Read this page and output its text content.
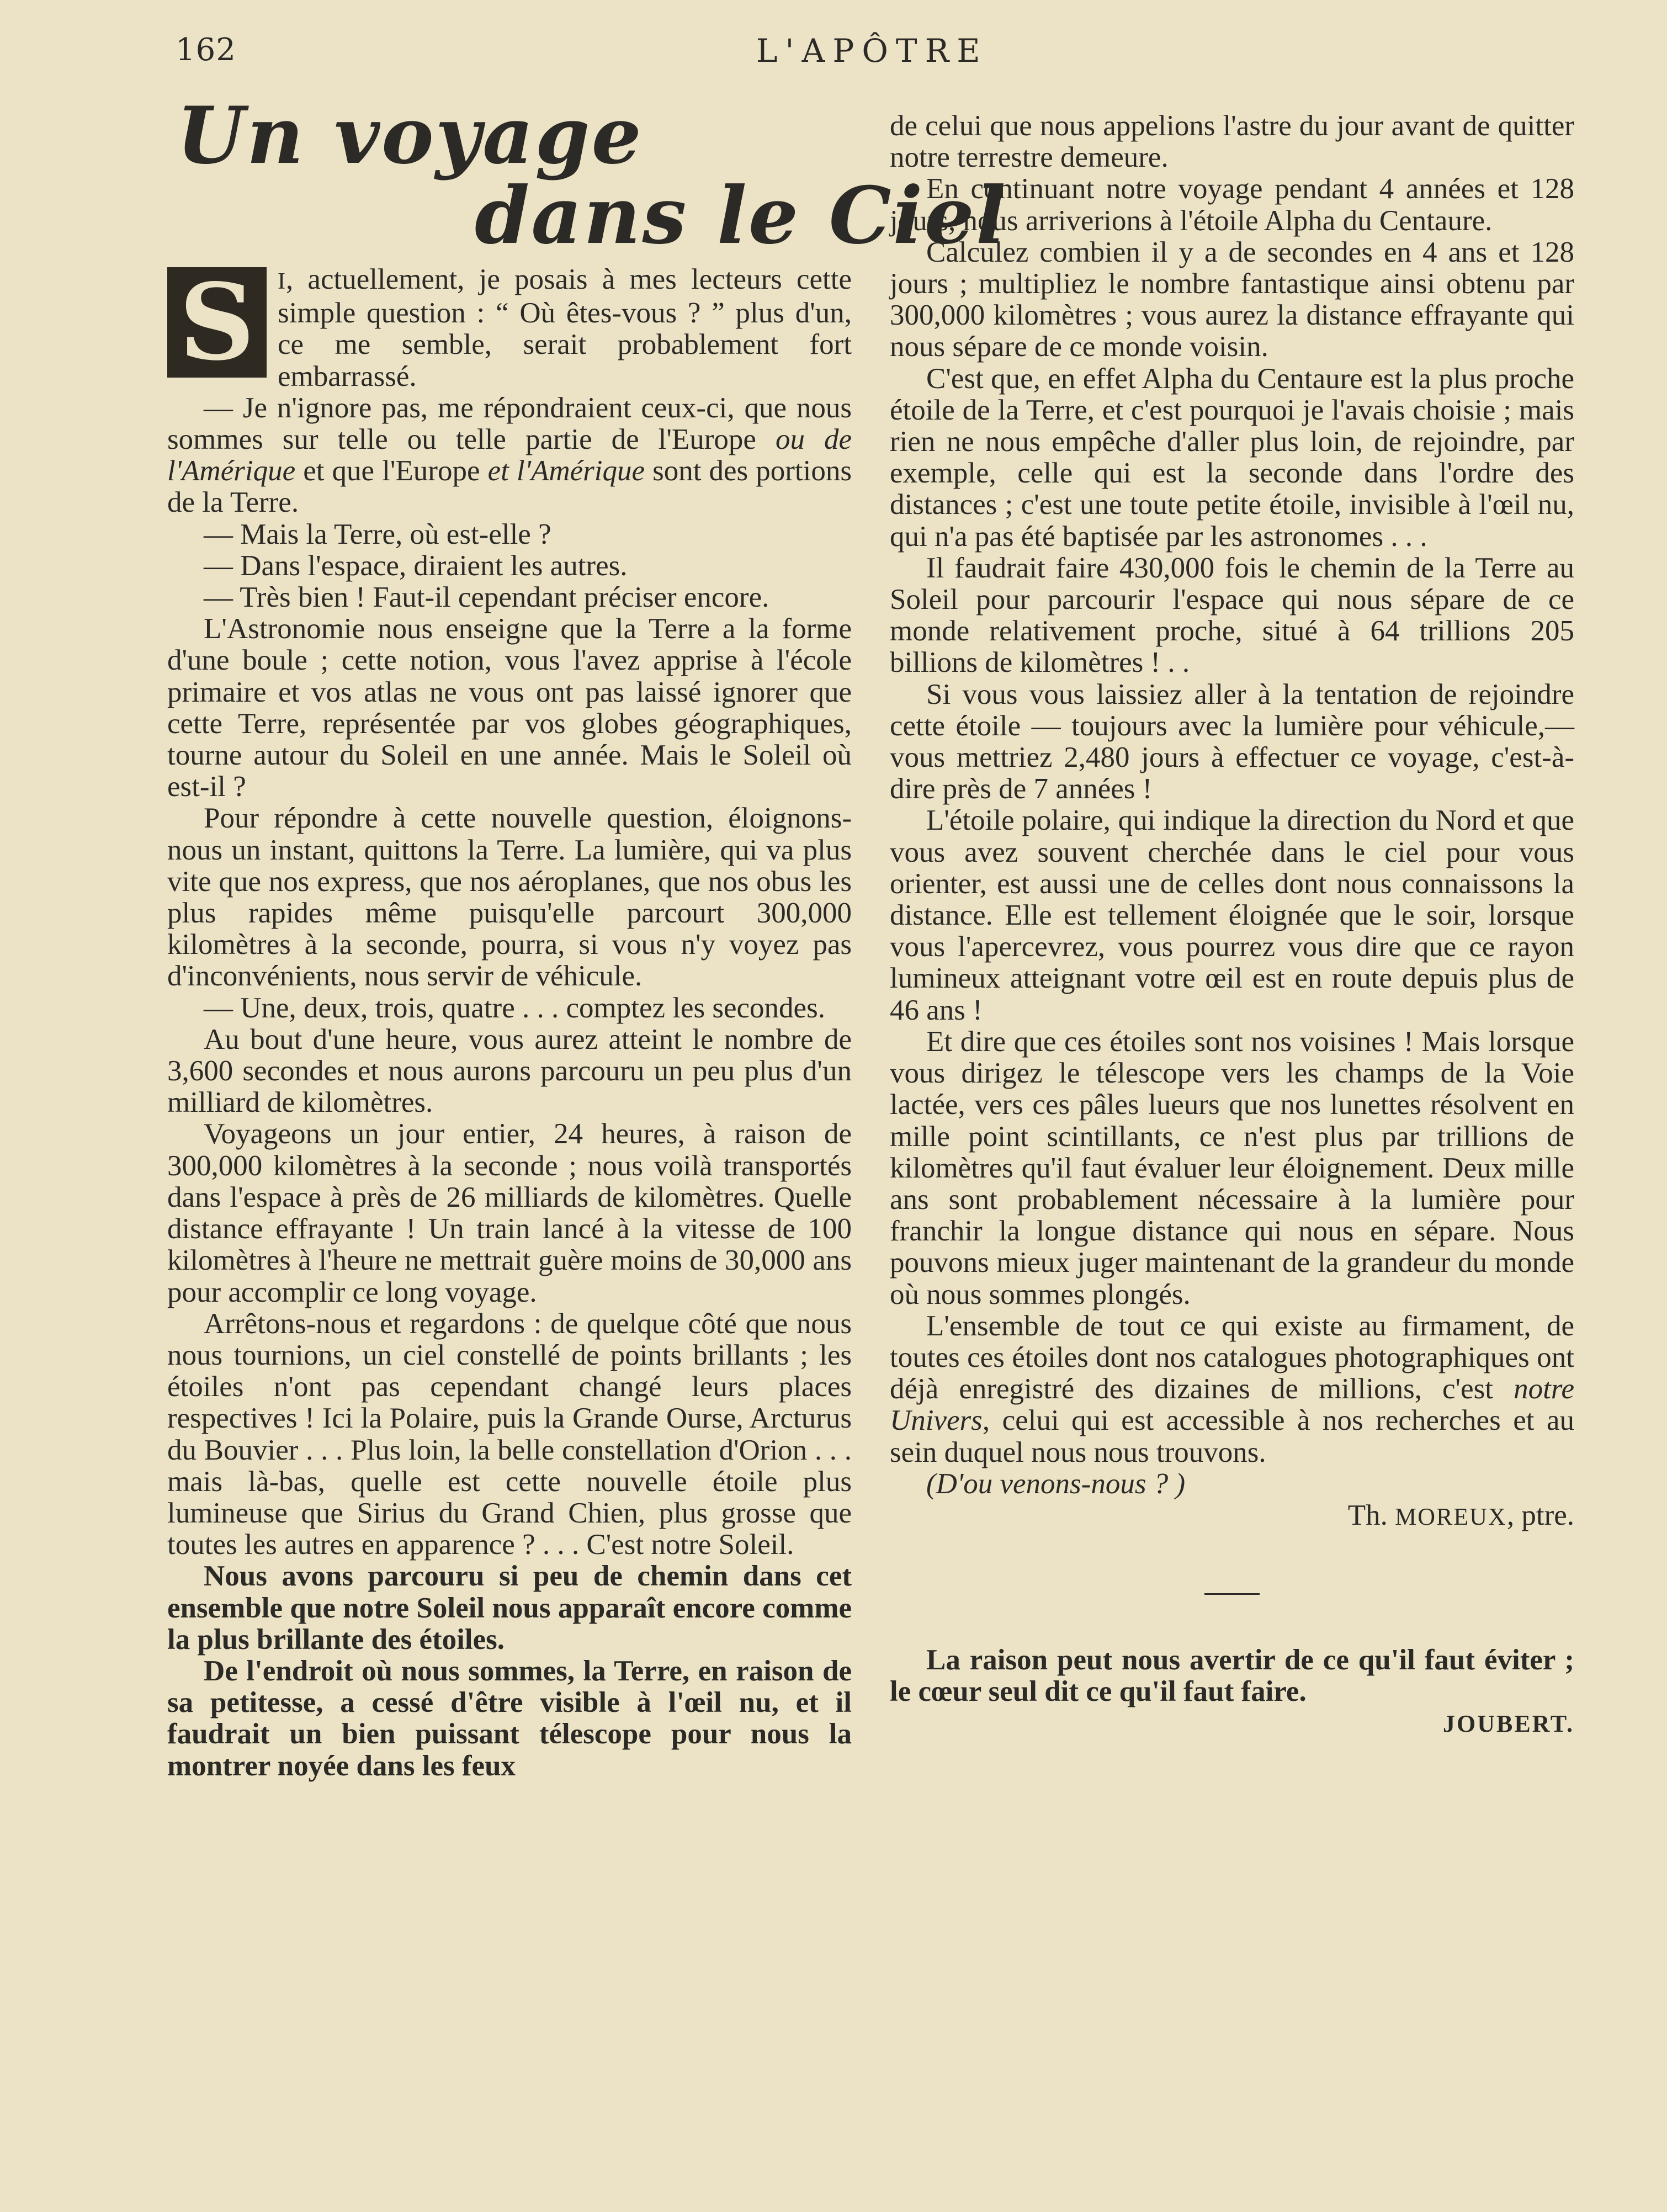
162	L'APÔTRE
Un voyage
dans le Ciel

S I, actuellement, je posais à mes lecteurs cette simple question : “ Où êtes-vous ? ” plus d'un, ce me semble, serait probablement fort embarrassé.

— Je n'ignore pas, me répondraient ceux-ci, que nous sommes sur telle ou telle partie de l'Europe ou de l'Amérique et que l'Europe et l'Amérique sont des portions de la Terre.

— Mais la Terre, où est-elle ?

— Dans l'espace, diraient les autres.

— Très bien ! Faut-il cependant préciser encore.

L'Astronomie nous enseigne que la Terre a la forme d'une boule ; cette notion, vous l'avez apprise à l'école primaire et vos atlas ne vous ont pas laissé ignorer que cette Terre, représentée par vos globes géographiques, tourne autour du Soleil en une année. Mais le Soleil où est-il ?

Pour répondre à cette nouvelle question, éloignons-nous un instant, quittons la Terre. La lumière, qui va plus vite que nos express, que nos aéroplanes, que nos obus les plus rapides même puisqu'elle parcourt 300,000 kilomètres à la seconde, pourra, si vous n'y voyez pas d'inconvénients, nous servir de véhicule.

— Une, deux, trois, quatre . . . comptez les secondes.

Au bout d'une heure, vous aurez atteint le nombre de 3,600 secondes et nous aurons parcouru un peu plus d'un milliard de kilomètres.

Voyageons un jour entier, 24 heures, à raison de 300,000 kilomètres à la seconde ; nous voilà transportés dans l'espace à près de 26 milliards de kilomètres. Quelle distance effrayante ! Un train lancé à la vitesse de 100 kilomètres à l'heure ne mettrait guère moins de 30,000 ans pour accomplir ce long voyage.

Arrêtons-nous et regardons : de quelque côté que nous nous tournions, un ciel constellé de points brillants ; les étoiles n'ont pas cependant changé leurs places respectives ! Ici la Polaire, puis la Grande Ourse, Arcturus du Bouvier . . . Plus loin, la belle constellation d'Orion . . . mais là-bas, quelle est cette nouvelle étoile plus lumineuse que Sirius du Grand Chien, plus grosse que toutes les autres en apparence ? . . . C'est notre Soleil.

Nous avons parcouru si peu de chemin dans cet ensemble que notre Soleil nous apparaît encore comme la plus brillante des étoiles.

De l'endroit où nous sommes, la Terre, en raison de sa petitesse, a cessé d'être visible à l'œil nu, et il faudrait un bien puissant télescope pour nous la montrer noyée dans les feux

de celui que nous appelions l'astre du jour avant de quitter notre terrestre demeure.

En continuant notre voyage pendant 4 années et 128 jours, nous arriverions à l'étoile Alpha du Centaure.

Calculez combien il y a de secondes en 4 ans et 128 jours ; multipliez le nombre fantastique ainsi obtenu par 300,000 kilomètres ; vous aurez la distance effrayante qui nous sépare de ce monde voisin.

C'est que, en effet Alpha du Centaure est la plus proche étoile de la Terre, et c'est pourquoi je l'avais choisie ; mais rien ne nous empêche d'aller plus loin, de rejoindre, par exemple, celle qui est la seconde dans l'ordre des distances ; c'est une toute petite étoile, invisible à l'œil nu, qui n'a pas été baptisée par les astronomes . . .

Il faudrait faire 430,000 fois le chemin de la Terre au Soleil pour parcourir l'espace qui nous sépare de ce monde relativement proche, situé à 64 trillions 205 billions de kilomètres ! . .

Si vous vous laissiez aller à la tentation de rejoindre cette étoile — toujours avec la lumière pour véhicule,— vous mettriez 2,480 jours à effectuer ce voyage, c'est-à-dire près de 7 années !

L'étoile polaire, qui indique la direction du Nord et que vous avez souvent cherchée dans le ciel pour vous orienter, est aussi une de celles dont nous connaissons la distance. Elle est tellement éloignée que le soir, lorsque vous l'apercevrez, vous pourrez vous dire que ce rayon lumineux atteignant votre œil est en route depuis plus de 46 ans !

Et dire que ces étoiles sont nos voisines ! Mais lorsque vous dirigez le télescope vers les champs de la Voie lactée, vers ces pâles lueurs que nos lunettes résolvent en mille point scintillants, ce n'est plus par trillions de kilomètres qu'il faut évaluer leur éloignement. Deux mille ans sont probablement nécessaire à la lumière pour franchir la longue distance qui nous en sépare. Nous pouvons mieux juger maintenant de la grandeur du monde où nous sommes plongés.

L'ensemble de tout ce qui existe au firmament, de toutes ces étoiles dont nos catalogues photographiques ont déjà enregistré des dizaines de millions, c'est notre Univers, celui qui est accessible à nos recherches et au sein duquel nous nous trouvons.

(D'ou venons-nous ? )

Th. MOREUX, ptre.

La raison peut nous avertir de ce qu'il faut éviter ; le cœur seul dit ce qu'il faut faire.

JOUBERT.
